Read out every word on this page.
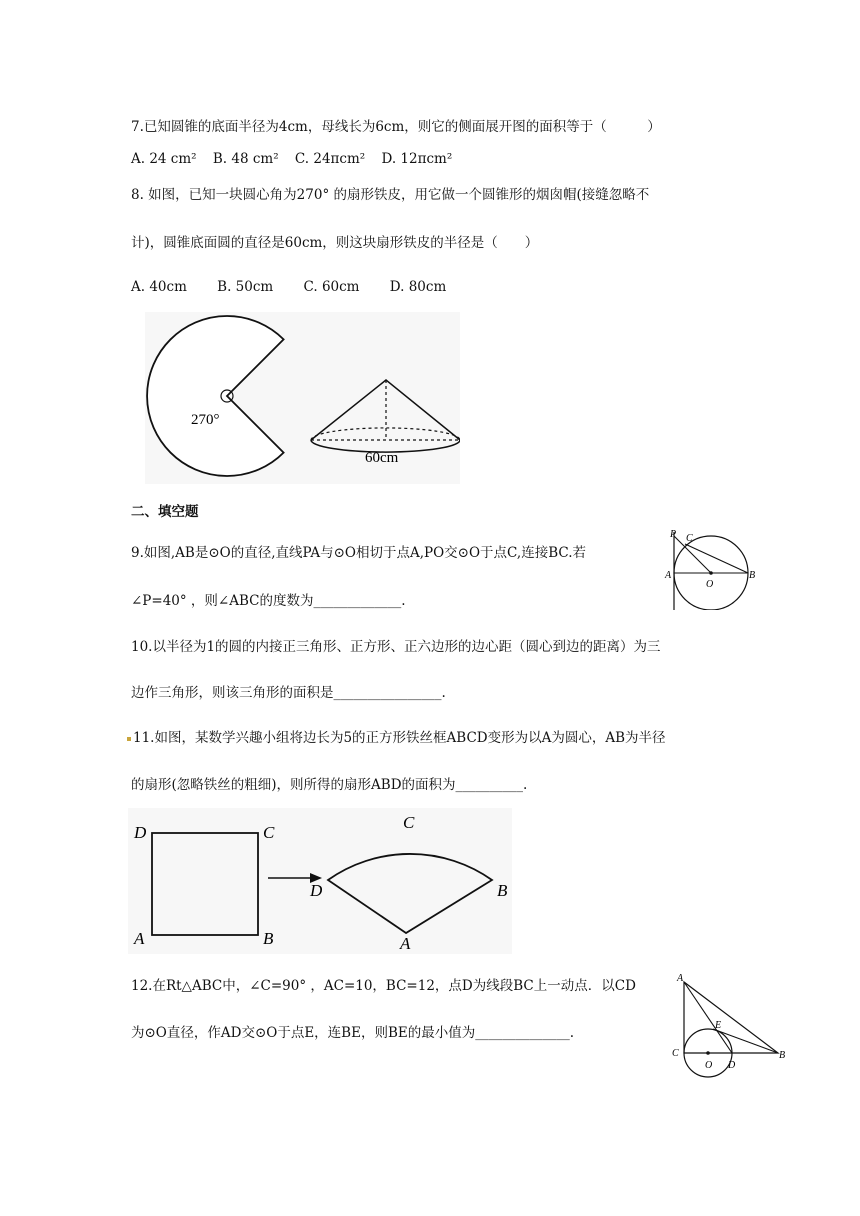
7.已知圆锥的底面半径为4cm，母线长为6cm，则它的侧面展开图的面积等于（　　　）
A. 24 cm² B. 48 cm² C. 24πcm² D. 12πcm²
8. 如图，已知一块圆心角为270° 的扇形铁皮，用它做一个圆锥形的烟囱帽(接缝忽略不
计)，圆锥底面圆的直径是60cm，则这块扇形铁皮的半径是（　　）
A. 40cm B. 50cm C. 60cm D. 80cm
270°
60cm
二、填空题
9.如图,AB是⊙O的直径,直线PA与⊙O相切于点A,PO交⊙O于点C,连接BC.若
∠P=40° ，则∠ABC的度数为_____________.
P C
A
O
B
10.以半径为1的圆的内接正三角形、正方形、正六边形的边心距（圆心到边的距离）为三
边作三角形，则该三角形的面积是________________.
11.如图，某数学兴趣小组将边长为5的正方形铁丝框ABCD变形为以A为圆心，AB为半径
的扇形(忽略铁丝的粗细)，则所得的扇形ABD的面积为__________.
D	C
A	B
D
C
A
B
12.在Rt△ABC中，∠C=90° ，AC=10，BC=12，点D为线段BC上一动点．以CD
为⊙O直径，作AD交⊙O于点E，连BE，则BE的最小值为______________.
A
E
C
O D
B
